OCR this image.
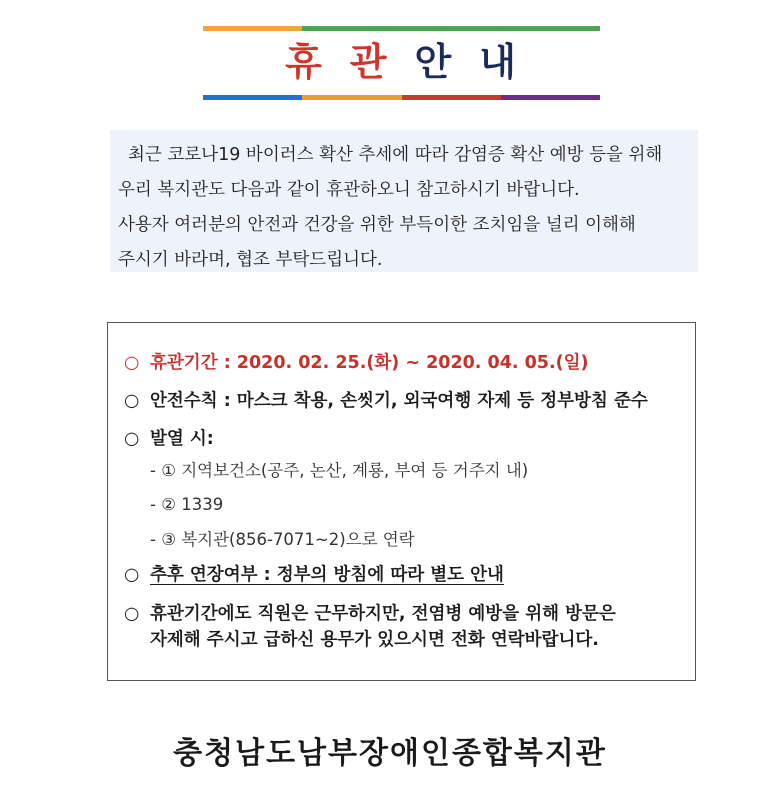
휴 관 안 내

최근 코로나19 바이러스 확산 추세에 따라 감염증 확산 예방 등을 위해

우리 복지관도 다음과 같이 휴관하오니 참고하시기 바랍니다.

사용자 여러분의 안전과 건강을 위한 부득이한 조치임을 널리 이해해

주시기 바라며, 협조 부탁드립니다.

○ 휴관기간 : 2020. 02. 25.(화) ~ 2020. 04. 05.(일)
○ 안전수칙 : 마스크 착용, 손씻기, 외국여행 자제 등 정부방침 준수
○ 발열 시:
- ① 지역보건소(공주, 논산, 계룡, 부여 등 거주지 내)
- ② 1339
- ③ 복지관(856-7071~2)으로 연락
○ 추후 연장여부 : 정부의 방침에 따라 별도 안내
○ 휴관기간에도 직원은 근무하지만, 전염병 예방을 위해 방문은
자제해 주시고 급하신 용무가 있으시면 전화 연락바랍니다.
충청남도남부장애인종합복지관
